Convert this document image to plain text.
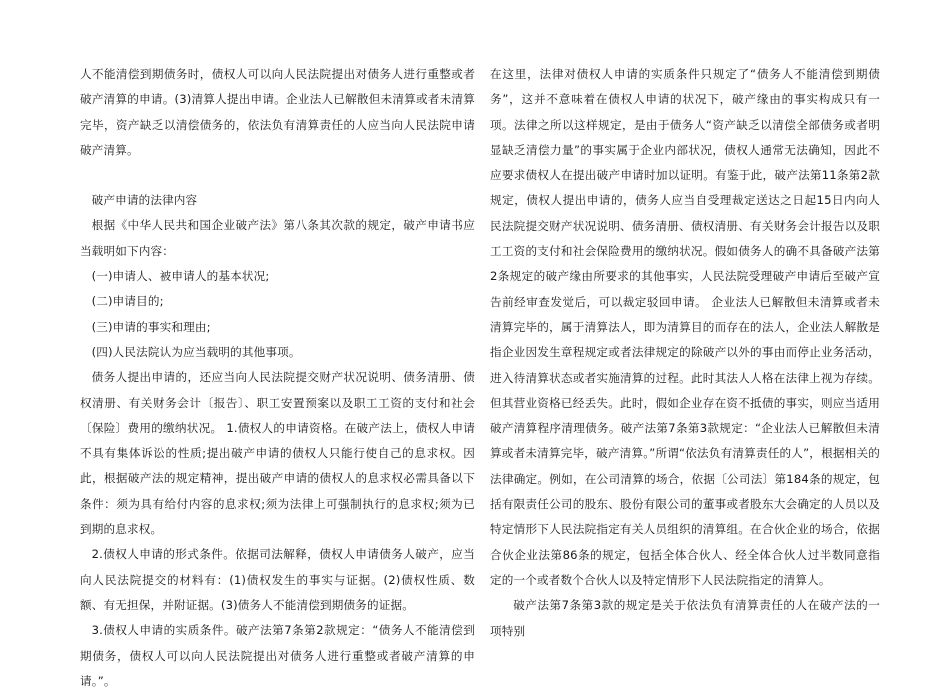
人不能清偿到期债务时，债权人可以向人民法院提出对债务人进行重整或者破产清算的申请。(3)清算人提出申请。企业法人已解散但未清算或者未清算完毕，资产缺乏以清偿债务的，依法负有清算责任的人应当向人民法院申请破产清算。

破产申请的法律内容

根据《中华人民共和国企业破产法》第八条其次款的规定，破产申请书应当载明如下内容：

(一)申请人、被申请人的基本状况;

(二)申请目的;

(三)申请的事实和理由;

(四)人民法院认为应当载明的其他事项。

债务人提出申请的，还应当向人民法院提交财产状况说明、债务清册、债权清册、有关财务会计〔报告〕、职工安置预案以及职工工资的支付和社会〔保险〕费用的缴纳状况。 1.债权人的申请资格。在破产法上，债权人申请不具有集体诉讼的性质;提出破产申请的债权人只能行使自己的息求权。因此，根据破产法的规定精神，提出破产申请的债权人的息求权必需具备以下条件：须为具有给付内容的息求权;须为法律上可强制执行的息求权;须为已到期的息求权。

2.债权人申请的形式条件。依据司法解释，债权人申请债务人破产，应当向人民法院提交的材料有：(1)债权发生的事实与证据。(2)债权性质、数额、有无担保，并附证据。(3)债务人不能清偿到期债务的证据。

3.债权人申请的实质条件。破产法第7条第2款规定：“债务人不能清偿到期债务，债权人可以向人民法院提出对债务人进行重整或者破产清算的申请。”。

在这里，法律对债权人申请的实质条件只规定了“债务人不能清偿到期债务”，这并不意味着在债权人申请的状况下，破产缘由的事实构成只有一项。法律之所以这样规定，是由于债务人“资产缺乏以清偿全部债务或者明显缺乏清偿力量”的事实属于企业内部状况，债权人通常无法确知，因此不应要求债权人在提出破产申请时加以证明。有鉴于此，破产法第11条第2款规定，债权人提出申请的，债务人应当自受理裁定送达之日起15日内向人民法院提交财产状况说明、债务清册、债权清册、有关财务会计报告以及职工工资的支付和社会保险费用的缴纳状况。假如债务人的确不具备破产法第2条规定的破产缘由所要求的其他事实，人民法院受理破产申请后至破产宣告前经审查发觉后，可以裁定驳回申请。 企业法人已解散但未清算或者未清算完毕的，属于清算法人，即为清算目的而存在的法人，企业法人解散是指企业因发生章程规定或者法律规定的除破产以外的事由而停止业务活动，进入待清算状态或者实施清算的过程。此时其法人人格在法律上视为存续。但其营业资格已经丢失。此时，假如企业存在资不抵债的事实，则应当适用破产清算程序清理债务。破产法第7条第3款规定：“企业法人已解散但未清算或者未清算完毕，破产清算。”所谓“依法负有清算责任的人”，根据相关的法律确定。例如，在公司清算的场合，依据〔公司法〕第184条的规定，包括有限责任公司的股东、股份有限公司的董事或者股东大会确定的人员以及特定情形下人民法院指定有关人员组织的清算组。在合伙企业的场合，依据合伙企业法第86条的规定，包括全体合伙人、经全体合伙人过半数同意指定的一个或者数个合伙人以及特定情形下人民法院指定的清算人。

破产法第7条第3款的规定是关于依法负有清算责任的人在破产法的一项特别
